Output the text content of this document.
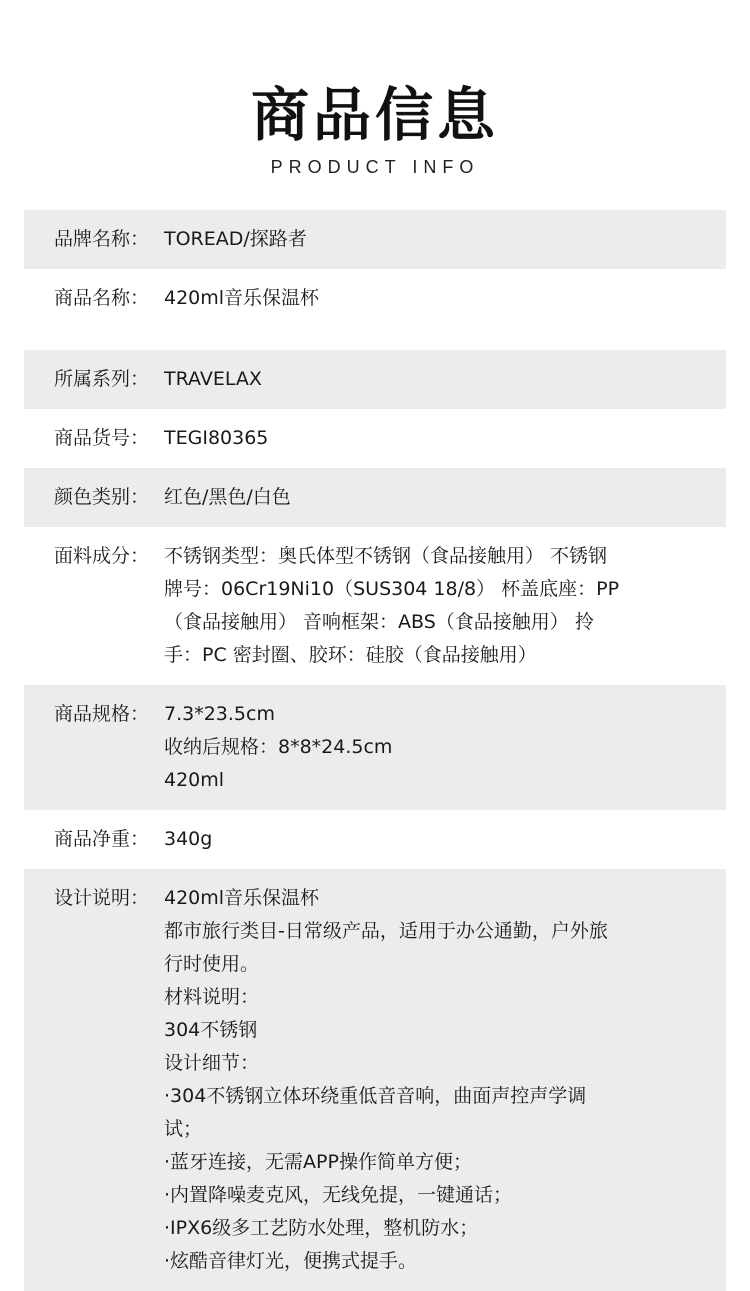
商品信息
PRODUCT INFO
品牌名称： TOREAD/探路者
商品名称： 420ml音乐保温杯
所属系列： TRAVELAX
商品货号： TEGI80365
颜色类别： 红色/黑色/白色
面料成分： 不锈钢类型：奥氏体型不锈钢（食品接触用） 不锈钢
牌号：06Cr19Ni10（SUS304 18/8） 杯盖底座：PP
（食品接触用） 音响框架：ABS（食品接触用） 拎
手：PC 密封圈、胶环：硅胶（食品接触用）
商品规格： 7.3*23.5cm
收纳后规格：8*8*24.5cm
420ml
商品净重： 340g
设计说明： 420ml音乐保温杯
都市旅行类目-日常级产品，适用于办公通勤，户外旅
行时使用。
材料说明：
304不锈钢
设计细节：
·304不锈钢立体环绕重低音音响，曲面声控声学调
试；
·蓝牙连接，无需APP操作简单方便；
·内置降噪麦克风，无线免提，一键通话；
·IPX6级多工艺防水处理，整机防水；
·炫酷音律灯光，便携式提手。
